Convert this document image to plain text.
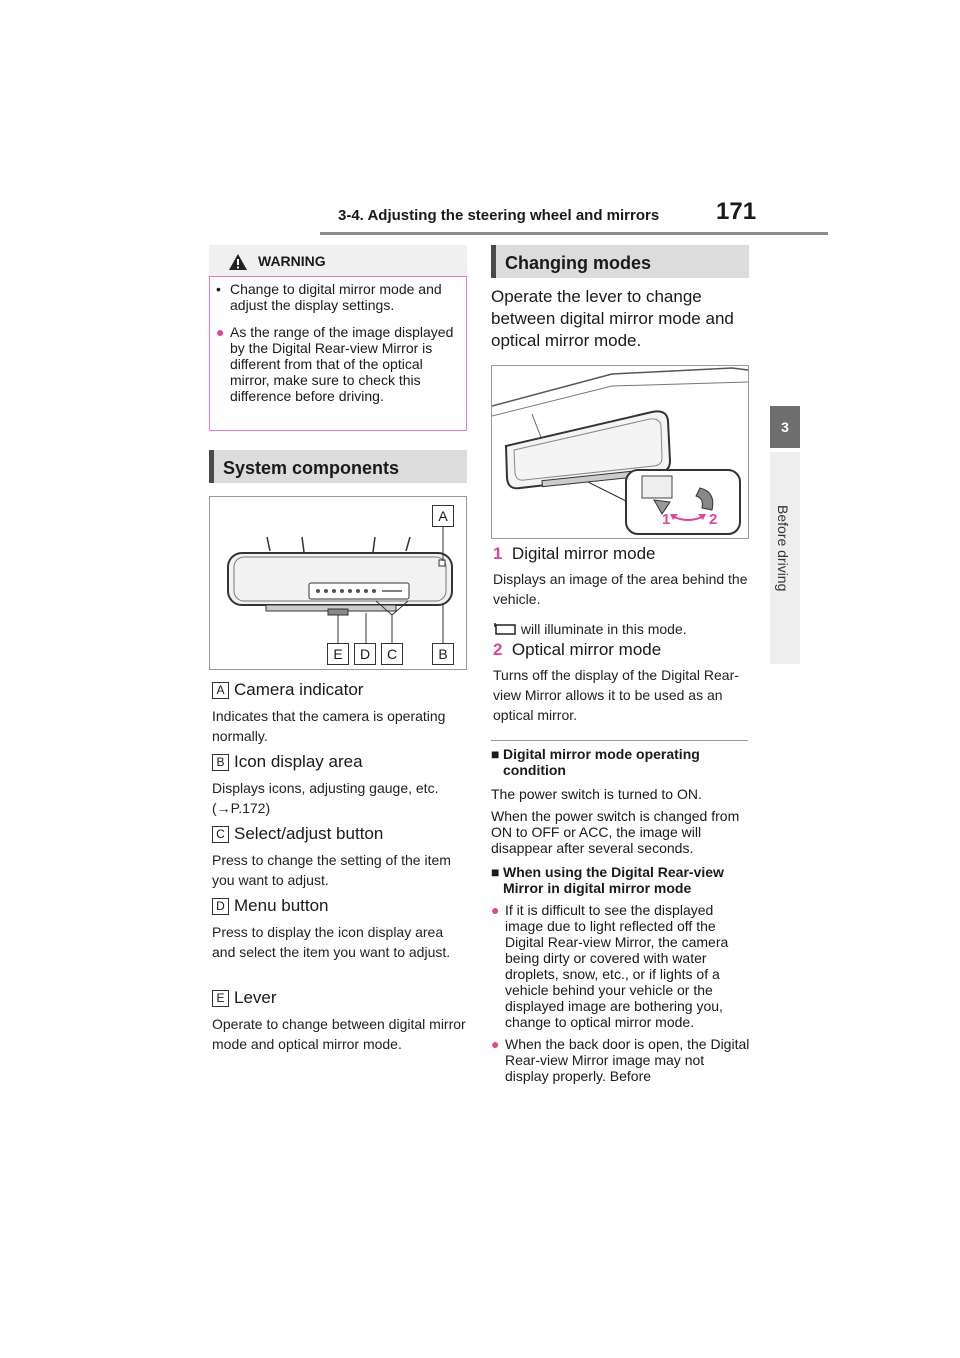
3-4. Adjusting the steering wheel and mirrors 171
3
Before driving
WARNING
• Change to digital mirror mode and adjust the display settings.
● As the range of the image displayed by the Digital Rear-view Mirror is different from that of the optical mirror, make sure to check this difference before driving.
System components
A
E	D	C	B
A Camera indicator
Indicates that the camera is operating normally.
B Icon display area
Displays icons, adjusting gauge, etc. (→P.172)
C Select/adjust button
Press to change the setting of the item you want to adjust.
D Menu button
Press to display the icon display area and select the item you want to adjust.
E Lever
Operate to change between digital mirror mode and optical mirror mode.
Changing modes
Operate the lever to change between digital mirror mode and optical mirror mode.
1	2
1 Digital mirror mode
Displays an image of the area behind the vehicle.
will illuminate in this mode.
2 Optical mirror mode
Turns off the display of the Digital Rear-view Mirror allows it to be used as an optical mirror.
■ Digital mirror mode operating condition
The power switch is turned to ON.
When the power switch is changed from ON to OFF or ACC, the image will disappear after several seconds.
■ When using the Digital Rear-view Mirror in digital mirror mode
● If it is difficult to see the displayed image due to light reflected off the Digital Rear-view Mirror, the camera being dirty or covered with water droplets, snow, etc., or if lights of a vehicle behind your vehicle or the displayed image are bothering you, change to optical mirror mode.
● When the back door is open, the Digital Rear-view Mirror image may not display properly. Before
